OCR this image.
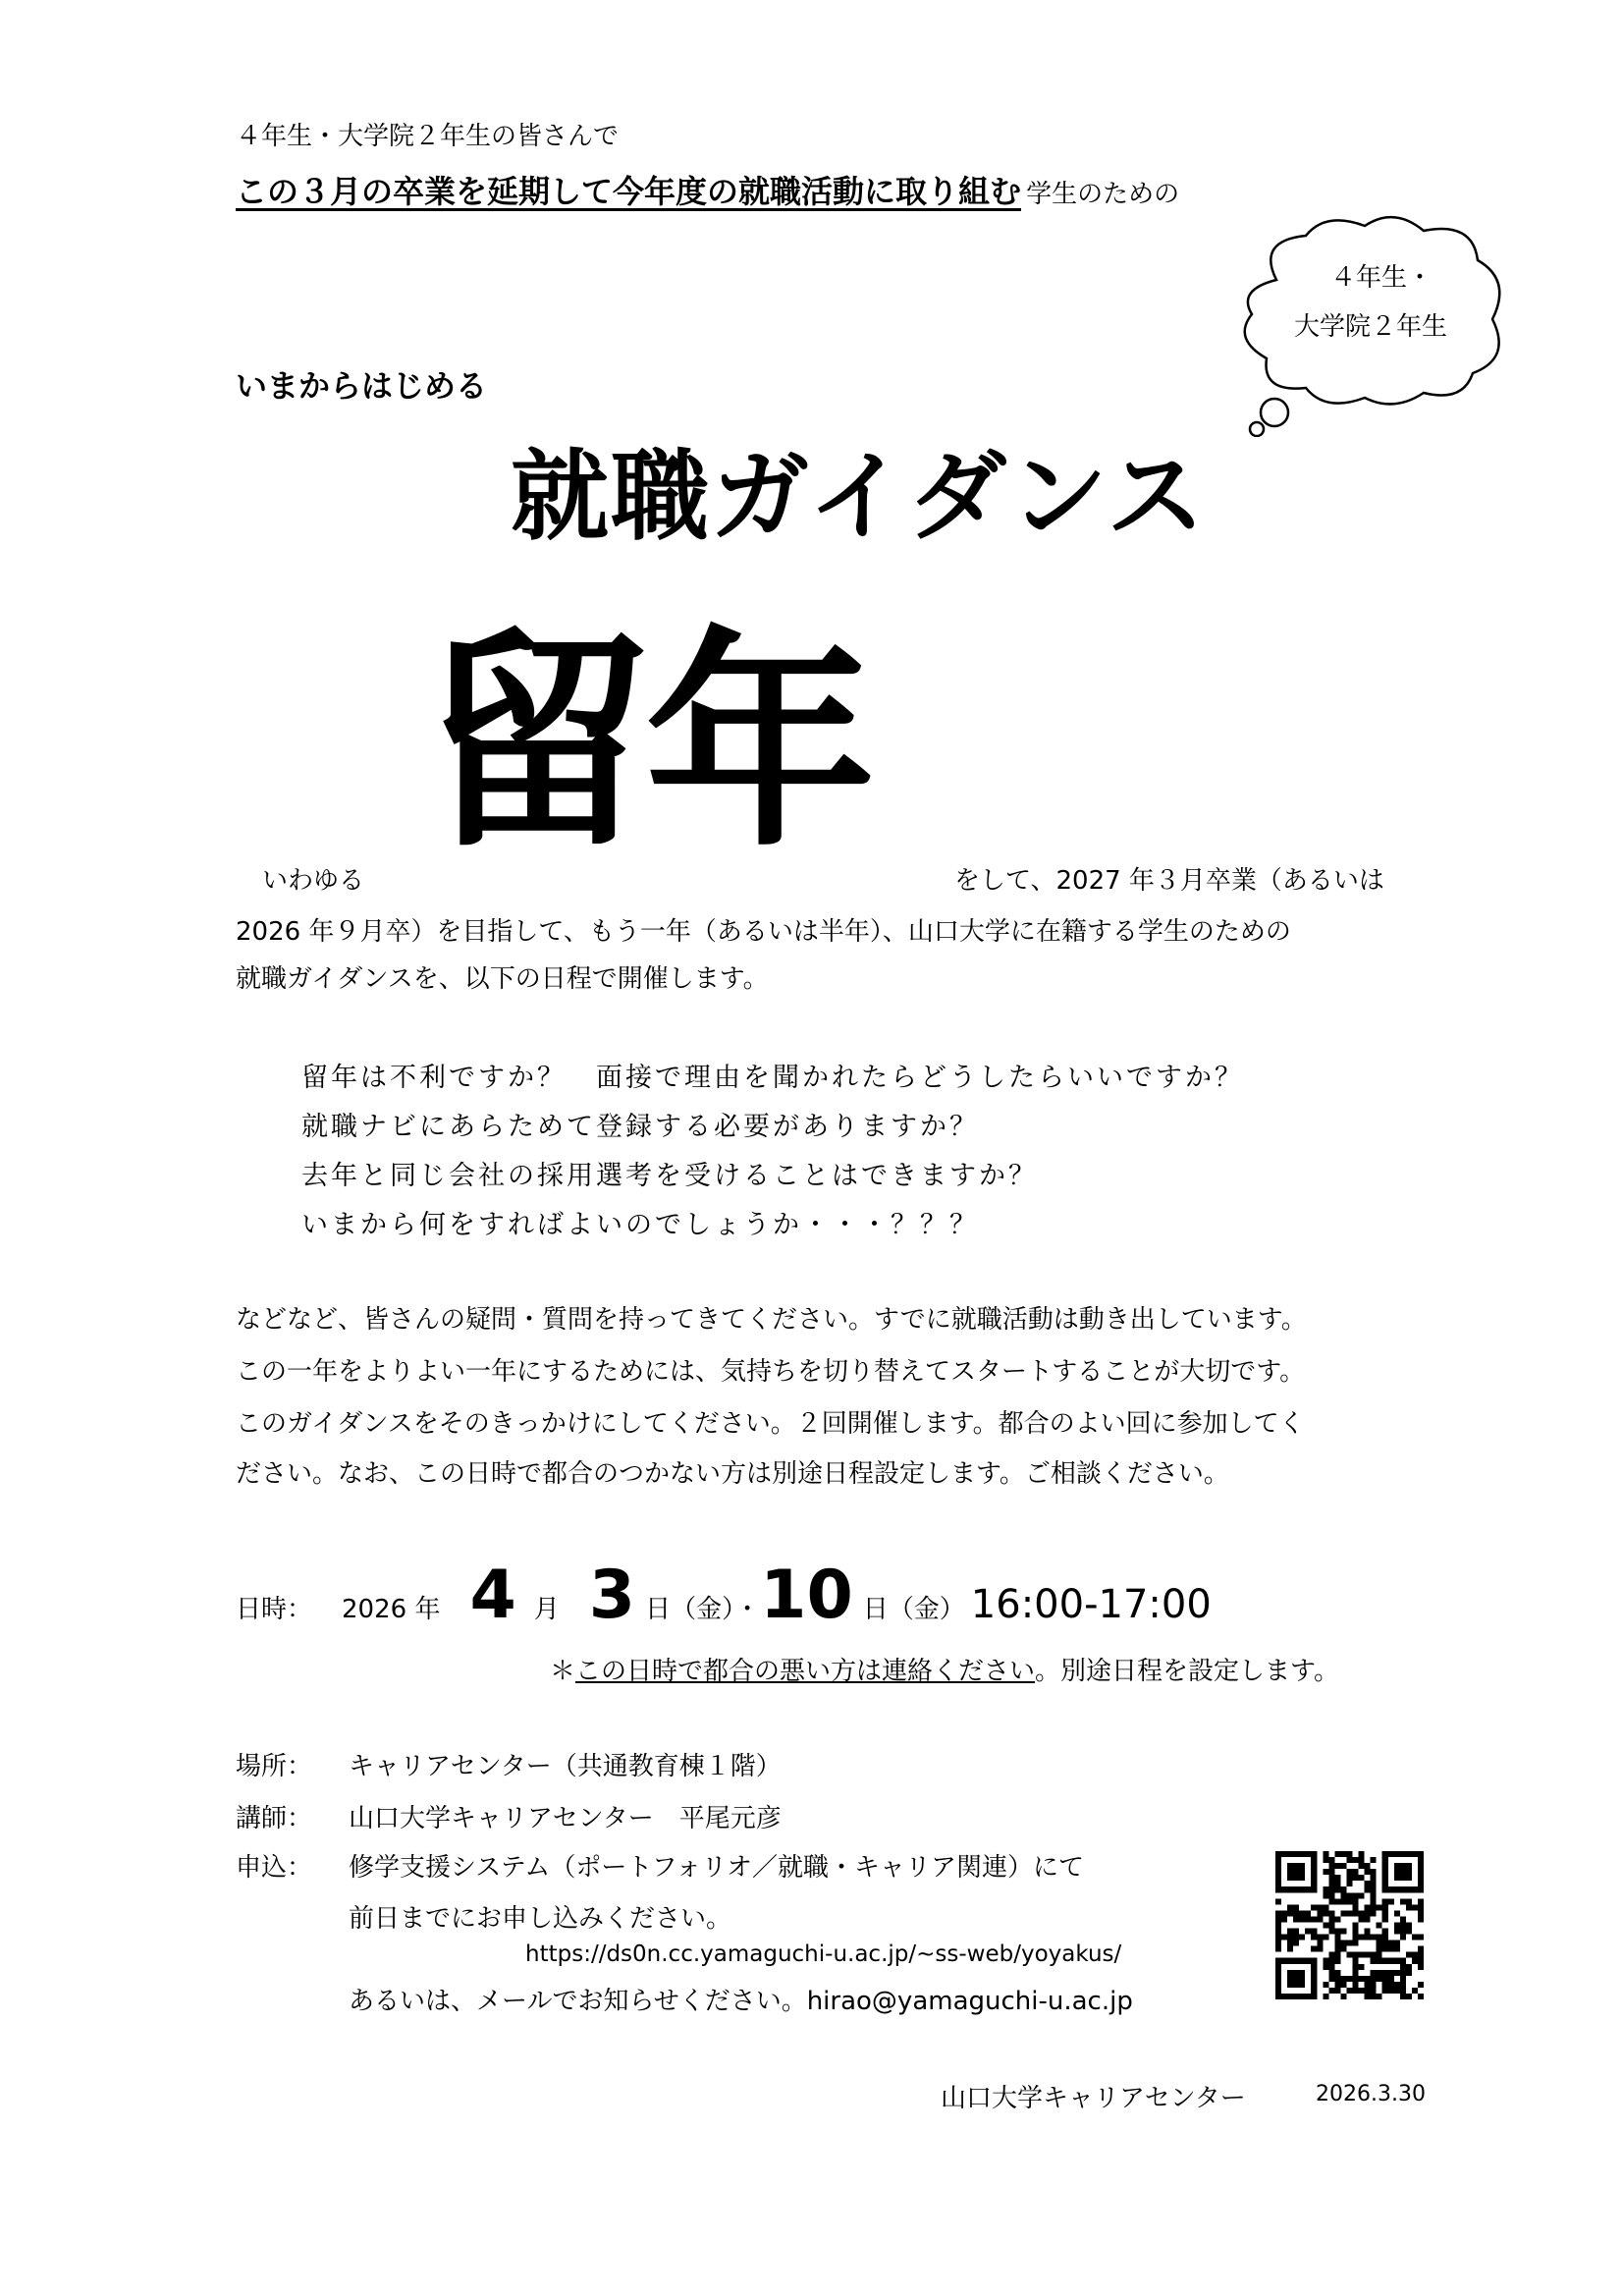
４年生・大学院２年生の皆さんで
この３月の卒業を延期して今年度の就職活動に取り組む 学生のための
４年生・
大学院２年生
いまからはじめる
就職ガイダンス
留年
いわゆる	をして、2027 年３月卒業（あるいは
2026 年９月卒）を目指して、もう一年（あるいは半年）、山口大学に在籍する学生のための
就職ガイダンスを、以下の日程で開催します。
留年は不利ですか？　面接で理由を聞かれたらどうしたらいいですか？
就職ナビにあらためて登録する必要がありますか？
去年と同じ会社の採用選考を受けることはできますか？
いまから何をすればよいのでしょうか・・・？？？
などなど、皆さんの疑問・質問を持ってきてください。すでに就職活動は動き出しています。
この一年をよりよい一年にするためには、気持ちを切り替えてスタートすることが大切です。
このガイダンスをそのきっかけにしてください。２回開催します。都合のよい回に参加してく
ださい。なお、この日時で都合のつかない方は別途日程設定します。ご相談ください。
日時： 2026 年 4 月 3 日（金）・ 10 日（金） 16:00-17:00
＊この日時で都合の悪い方は連絡ください。別途日程を設定します。
場所： キャリアセンター（共通教育棟１階）
講師： 山口大学キャリアセンター　平尾元彦
申込： 修学支援システム（ポートフォリオ／就職・キャリア関連）にて
前日までにお申し込みください。
https://ds0n.cc.yamaguchi-u.ac.jp/~ss-web/yoyakus/
あるいは、メールでお知らせください。hirao@yamaguchi-u.ac.jp
山口大学キャリアセンター	2026.3.30
